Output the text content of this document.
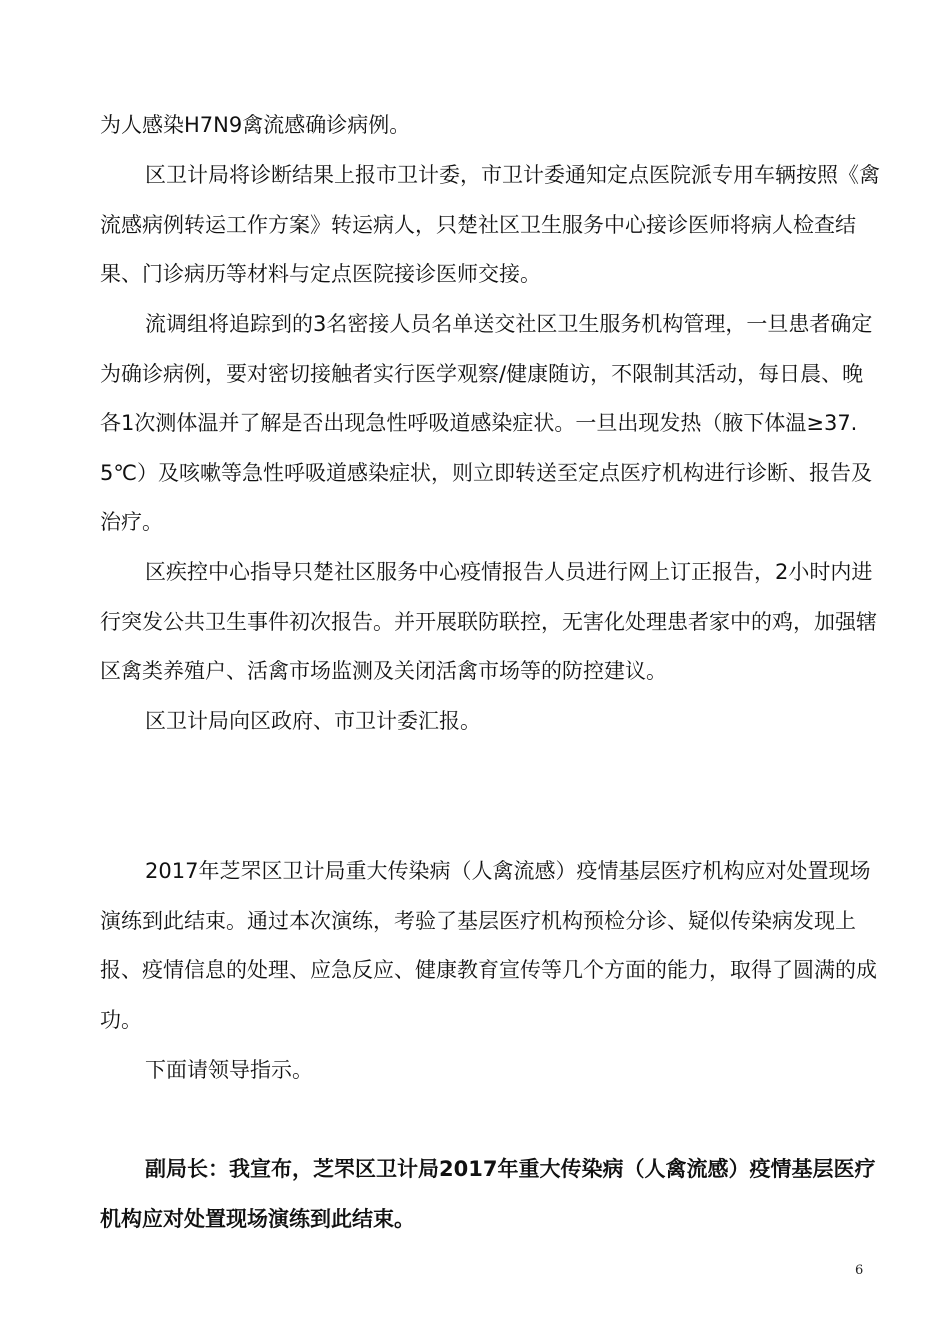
为人感染H7N9禽流感确诊病例。

区卫计局将诊断结果上报市卫计委，市卫计委通知定点医院派专用车辆按照《禽流感病例转运工作方案》转运病人，只楚社区卫生服务中心接诊医师将病人检查结果、门诊病历等材料与定点医院接诊医师交接。

流调组将追踪到的3名密接人员名单送交社区卫生服务机构管理，一旦患者确定为确诊病例，要对密切接触者实行医学观察/健康随访，不限制其活动，每日晨、晚各1次测体温并了解是否出现急性呼吸道感染症状。一旦出现发热（腋下体温≥37.5℃）及咳嗽等急性呼吸道感染症状，则立即转送至定点医疗机构进行诊断、报告及治疗。

区疾控中心指导只楚社区服务中心疫情报告人员进行网上订正报告，2小时内进行突发公共卫生事件初次报告。并开展联防联控，无害化处理患者家中的鸡，加强辖区禽类养殖户、活禽市场监测及关闭活禽市场等的防控建议。

区卫计局向区政府、市卫计委汇报。

2017年芝罘区卫计局重大传染病（人禽流感）疫情基层医疗机构应对处置现场演练到此结束。通过本次演练，考验了基层医疗机构预检分诊、疑似传染病发现上报、疫情信息的处理、应急反应、健康教育宣传等几个方面的能力，取得了圆满的成功。

下面请领导指示。

副局长：我宣布，芝罘区卫计局2017年重大传染病（人禽流感）疫情基层医疗机构应对处置现场演练到此结束。

6
